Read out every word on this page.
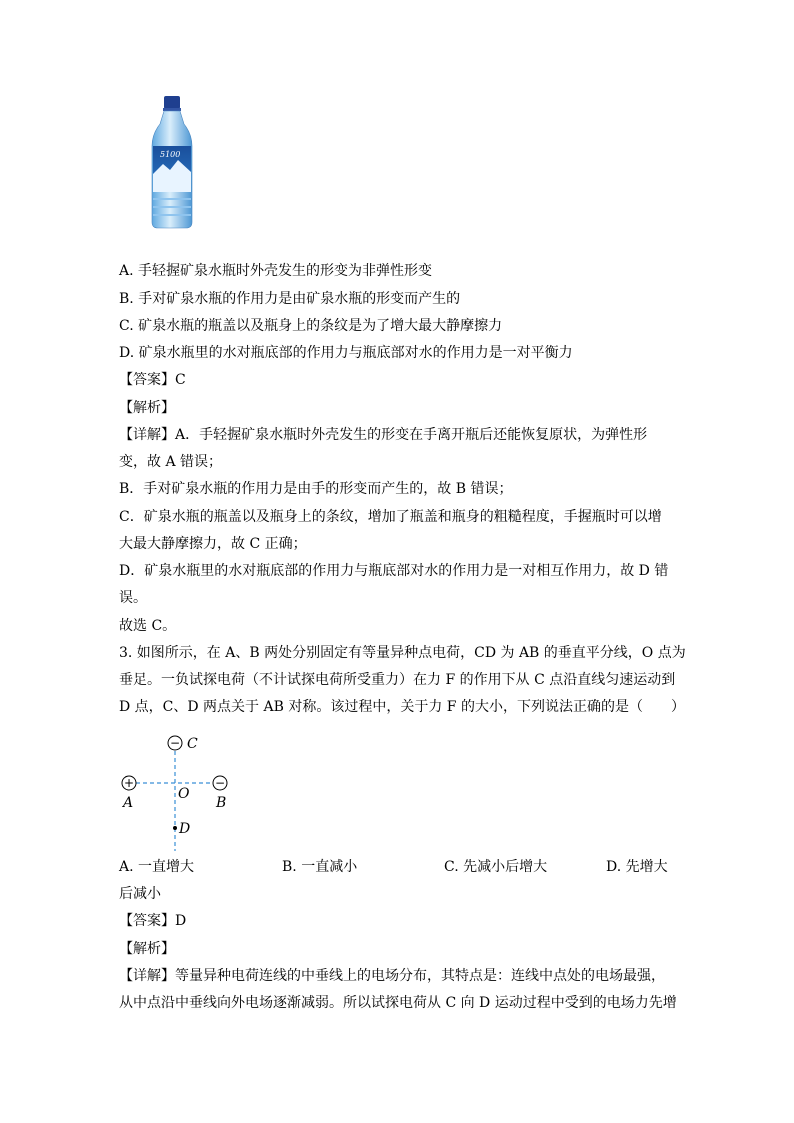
5100
A. 手轻握矿泉水瓶时外壳发生的形变为非弹性形变
B. 手对矿泉水瓶的作用力是由矿泉水瓶的形变而产生的
C. 矿泉水瓶的瓶盖以及瓶身上的条纹是为了增大最大静摩擦力
D. 矿泉水瓶里的水对瓶底部的作用力与瓶底部对水的作用力是一对平衡力
【答案】C
【解析】
【详解】A．手轻握矿泉水瓶时外壳发生的形变在手离开瓶后还能恢复原状，为弹性形
变，故 A 错误；
B．手对矿泉水瓶的作用力是由手的形变而产生的，故 B 错误；
C．矿泉水瓶的瓶盖以及瓶身上的条纹，增加了瓶盖和瓶身的粗糙程度，手握瓶时可以增
大最大静摩擦力，故 C 正确；
D．矿泉水瓶里的水对瓶底部的作用力与瓶底部对水的作用力是一对相互作用力，故 D 错
误。
故选 C。
3. 如图所示，在 A、B 两处分别固定有等量异种点电荷，CD 为 AB 的垂直平分线，O 点为
垂足。一负试探电荷（不计试探电荷所受重力）在力 F 的作用下从 C 点沿直线匀速运动到
D 点，C、D 两点关于 AB 对称。该过程中，关于力 F 的大小，下列说法正确的是（　　）
− C
+
A
−
B
O
D
A. 一直增大	B. 一直减小	C. 先减小后增大	D. 先增大
后减小
【答案】D
【解析】
【详解】等量异种电荷连线的中垂线上的电场分布，其特点是：连线中点处的电场最强，
从中点沿中垂线向外电场逐渐减弱。所以试探电荷从 C 向 D 运动过程中受到的电场力先增
